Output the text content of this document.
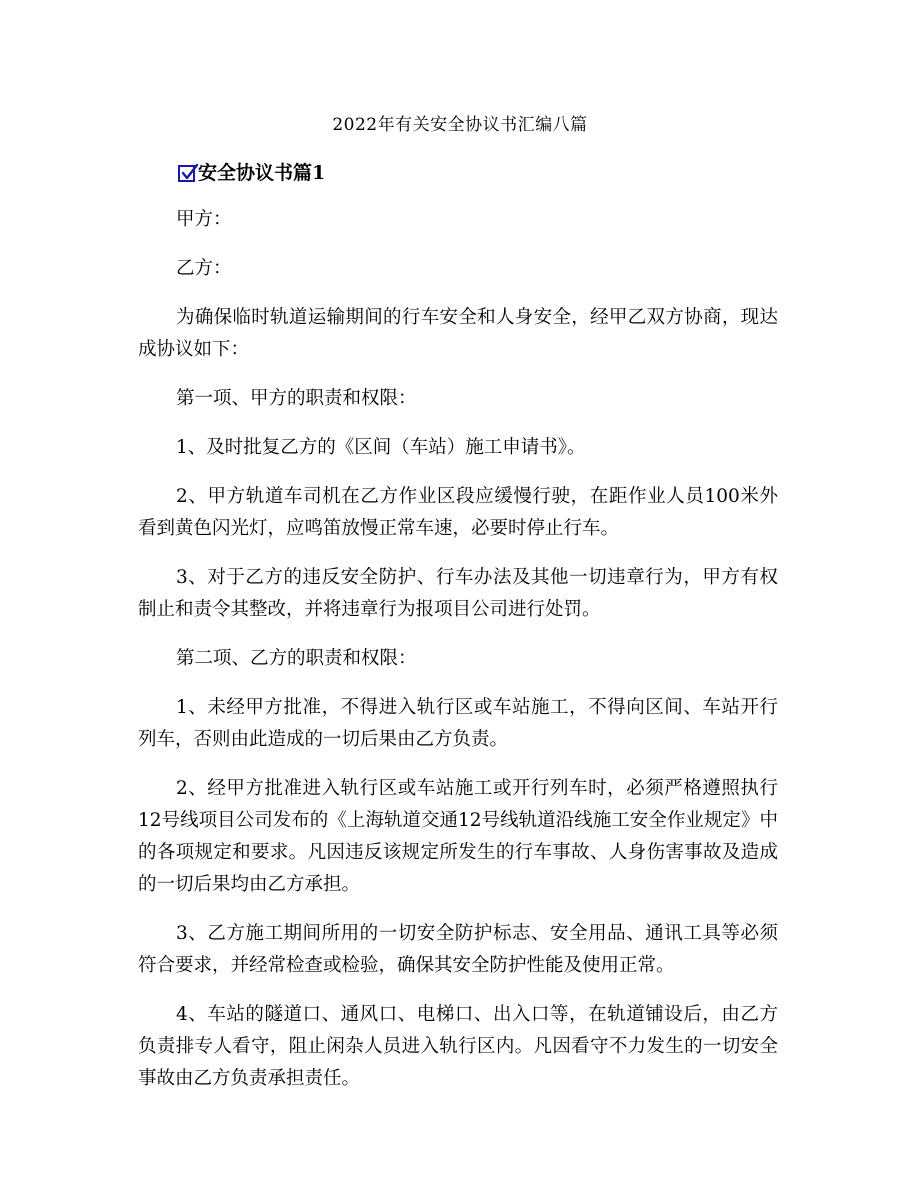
2022年有关安全协议书汇编八篇
安全协议书篇1

甲方：

乙方：

为确保临时轨道运输期间的行车安全和人身安全，经甲乙双方协商，现达成协议如下：

第一项、甲方的职责和权限：

1、及时批复乙方的《区间（车站）施工申请书》。

2、甲方轨道车司机在乙方作业区段应缓慢行驶，在距作业人员100米外看到黄色闪光灯，应鸣笛放慢正常车速，必要时停止行车。

3、对于乙方的违反安全防护、行车办法及其他一切违章行为，甲方有权制止和责令其整改，并将违章行为报项目公司进行处罚。

第二项、乙方的职责和权限：

1、未经甲方批准，不得进入轨行区或车站施工，不得向区间、车站开行列车，否则由此造成的一切后果由乙方负责。

2、经甲方批准进入轨行区或车站施工或开行列车时，必须严格遵照执行12号线项目公司发布的《上海轨道交通12号线轨道沿线施工安全作业规定》中的各项规定和要求。凡因违反该规定所发生的行车事故、人身伤害事故及造成的一切后果均由乙方承担。

3、乙方施工期间所用的一切安全防护标志、安全用品、通讯工具等必须符合要求，并经常检查或检验，确保其安全防护性能及使用正常。

4、车站的隧道口、通风口、电梯口、出入口等，在轨道铺设后，由乙方负责排专人看守，阻止闲杂人员进入轨行区内。凡因看守不力发生的一切安全事故由乙方负责承担责任。
